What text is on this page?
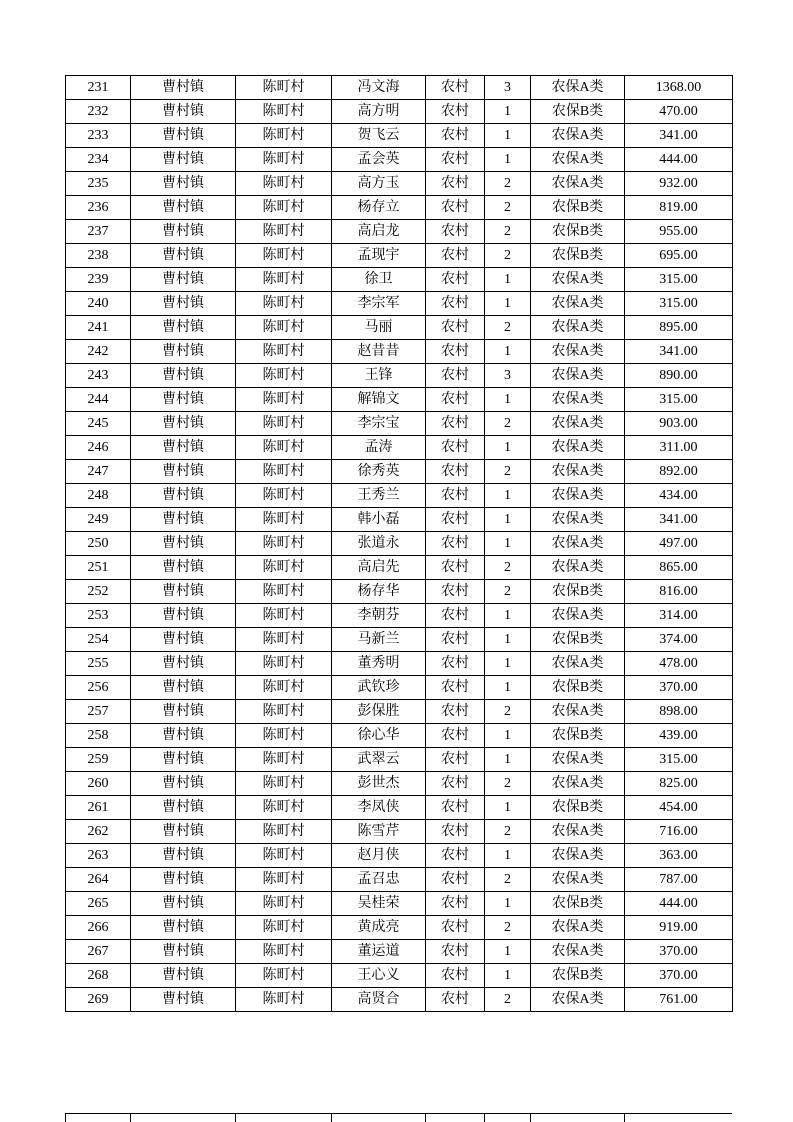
231	曹村镇	陈町村	冯文海	农村	3	农保A类	1368.00
232	曹村镇	陈町村	高方明	农村	1	农保B类	470.00
233	曹村镇	陈町村	贺飞云	农村	1	农保A类	341.00
234	曹村镇	陈町村	孟会英	农村	1	农保A类	444.00
235	曹村镇	陈町村	高方玉	农村	2	农保A类	932.00
236	曹村镇	陈町村	杨存立	农村	2	农保B类	819.00
237	曹村镇	陈町村	高启龙	农村	2	农保B类	955.00
238	曹村镇	陈町村	孟现宇	农村	2	农保B类	695.00
239	曹村镇	陈町村	徐卫	农村	1	农保A类	315.00
240	曹村镇	陈町村	李宗军	农村	1	农保A类	315.00
241	曹村镇	陈町村	马丽	农村	2	农保A类	895.00
242	曹村镇	陈町村	赵昔昔	农村	1	农保A类	341.00
243	曹村镇	陈町村	王锋	农村	3	农保A类	890.00
244	曹村镇	陈町村	解锦文	农村	1	农保A类	315.00
245	曹村镇	陈町村	李宗宝	农村	2	农保A类	903.00
246	曹村镇	陈町村	孟涛	农村	1	农保A类	311.00
247	曹村镇	陈町村	徐秀英	农村	2	农保A类	892.00
248	曹村镇	陈町村	王秀兰	农村	1	农保A类	434.00
249	曹村镇	陈町村	韩小磊	农村	1	农保A类	341.00
250	曹村镇	陈町村	张道永	农村	1	农保A类	497.00
251	曹村镇	陈町村	高启先	农村	2	农保A类	865.00
252	曹村镇	陈町村	杨存华	农村	2	农保B类	816.00
253	曹村镇	陈町村	李朝芬	农村	1	农保A类	314.00
254	曹村镇	陈町村	马新兰	农村	1	农保B类	374.00
255	曹村镇	陈町村	董秀明	农村	1	农保A类	478.00
256	曹村镇	陈町村	武钦珍	农村	1	农保B类	370.00
257	曹村镇	陈町村	彭保胜	农村	2	农保A类	898.00
258	曹村镇	陈町村	徐心华	农村	1	农保B类	439.00
259	曹村镇	陈町村	武翠云	农村	1	农保A类	315.00
260	曹村镇	陈町村	彭世杰	农村	2	农保A类	825.00
261	曹村镇	陈町村	李凤侠	农村	1	农保B类	454.00
262	曹村镇	陈町村	陈雪芹	农村	2	农保A类	716.00
263	曹村镇	陈町村	赵月侠	农村	1	农保A类	363.00
264	曹村镇	陈町村	孟召忠	农村	2	农保A类	787.00
265	曹村镇	陈町村	吴桂荣	农村	1	农保B类	444.00
266	曹村镇	陈町村	黄成亮	农村	2	农保A类	919.00
267	曹村镇	陈町村	董运道	农村	1	农保A类	370.00
268	曹村镇	陈町村	王心义	农村	1	农保B类	370.00
269	曹村镇	陈町村	高贤合	农村	2	农保A类	761.00
